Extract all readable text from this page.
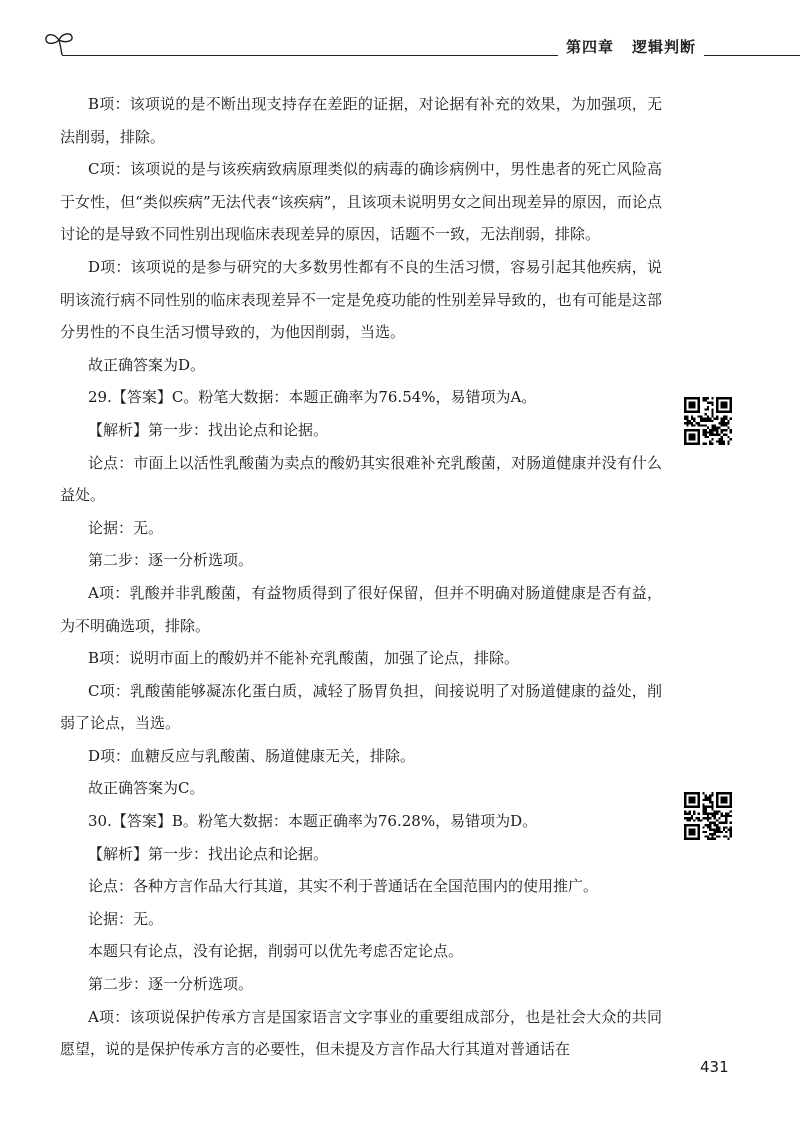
第四章 逻辑判断

B项：该项说的是不断出现支持存在差距的证据，对论据有补充的效果，为加强项，无法削弱，排除。

C项：该项说的是与该疾病致病原理类似的病毒的确诊病例中，男性患者的死亡风险高于女性，但“类似疾病”无法代表“该疾病”，且该项未说明男女之间出现差异的原因，而论点讨论的是导致不同性别出现临床表现差异的原因，话题不一致，无法削弱，排除。

D项：该项说的是参与研究的大多数男性都有不良的生活习惯，容易引起其他疾病，说明该流行病不同性别的临床表现差异不一定是免疫功能的性别差异导致的，也有可能是这部分男性的不良生活习惯导致的，为他因削弱，当选。

故正确答案为D。

29.【答案】C。粉笔大数据：本题正确率为76.54%，易错项为A。

【解析】第一步：找出论点和论据。

论点：市面上以活性乳酸菌为卖点的酸奶其实很难补充乳酸菌，对肠道健康并没有什么益处。

论据：无。

第二步：逐一分析选项。

A项：乳酸并非乳酸菌，有益物质得到了很好保留，但并不明确对肠道健康是否有益，为不明确选项，排除。

B项：说明市面上的酸奶并不能补充乳酸菌，加强了论点，排除。

C项：乳酸菌能够凝冻化蛋白质，减轻了肠胃负担，间接说明了对肠道健康的益处，削弱了论点，当选。

D项：血糖反应与乳酸菌、肠道健康无关，排除。

故正确答案为C。

30.【答案】B。粉笔大数据：本题正确率为76.28%，易错项为D。

【解析】第一步：找出论点和论据。

论点：各种方言作品大行其道，其实不利于普通话在全国范围内的使用推广。

论据：无。

本题只有论点，没有论据，削弱可以优先考虑否定论点。

第二步：逐一分析选项。

A项：该项说保护传承方言是国家语言文字事业的重要组成部分，也是社会大众的共同愿望，说的是保护传承方言的必要性，但未提及方言作品大行其道对普通话在

431
